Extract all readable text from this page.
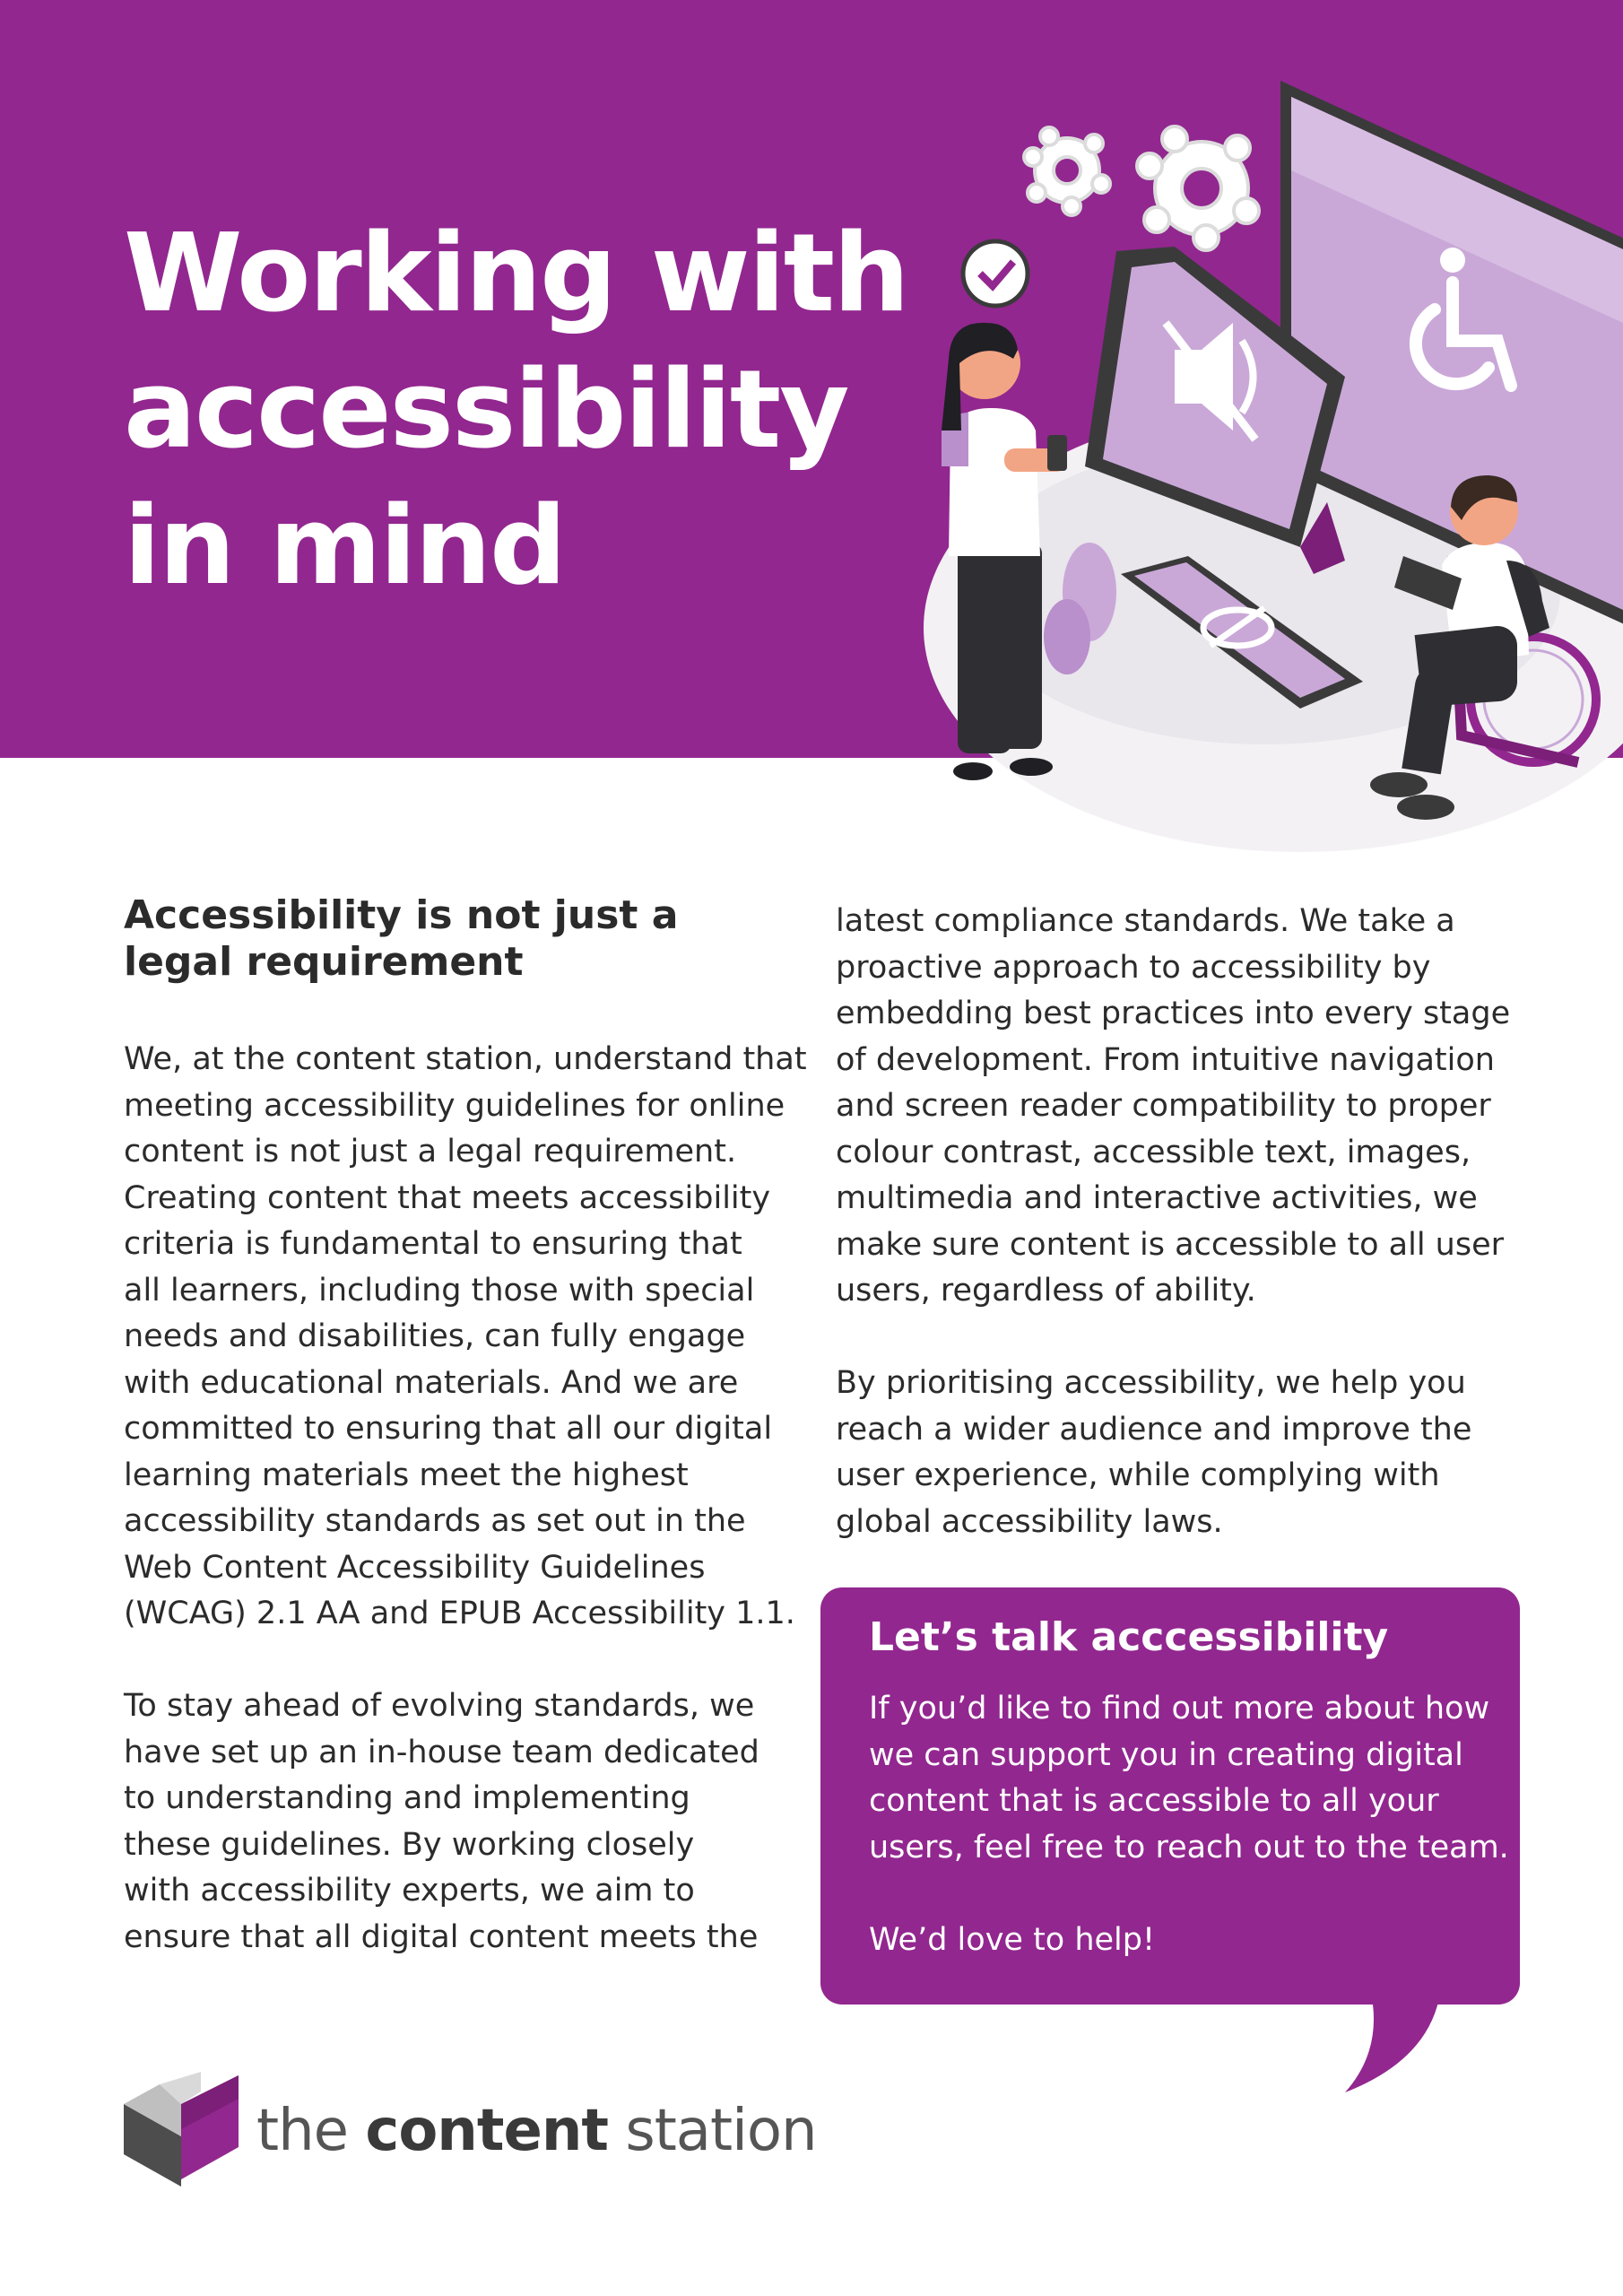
Working with
accessibility
in mind
Accessibility is not just a
legal requirement

We, at the content station, understand that
meeting accessibility guidelines for online
content is not just a legal requirement.
Creating content that meets accessibility
criteria is fundamental to ensuring that
all learners, including those with special
needs and disabilities, can fully engage
with educational materials. And we are
committed to ensuring that all our digital
learning materials meet the highest
accessibility standards as set out in the
Web Content Accessibility Guidelines
(WCAG) 2.1 AA and EPUB Accessibility 1.1.

To stay ahead of evolving standards, we
have set up an in-house team dedicated
to understanding and implementing
these guidelines. By working closely
with accessibility experts, we aim to
ensure that all digital content meets the

latest compliance standards. We take a
proactive approach to accessibility by
embedding best practices into every stage
of development. From intuitive navigation
and screen reader compatibility to proper
colour contrast, accessible text, images,
multimedia and interactive activities, we
make sure content is accessible to all user
users, regardless of ability.

By prioritising accessibility, we help you
reach a wider audience and improve the
user experience, while complying with
global accessibility laws.

Let’s talk acccessibility

If you’d like to find out more about how
we can support you in creating digital
content that is accessible to all your
users, feel free to reach out to the team.

We’d love to help!

the content station
